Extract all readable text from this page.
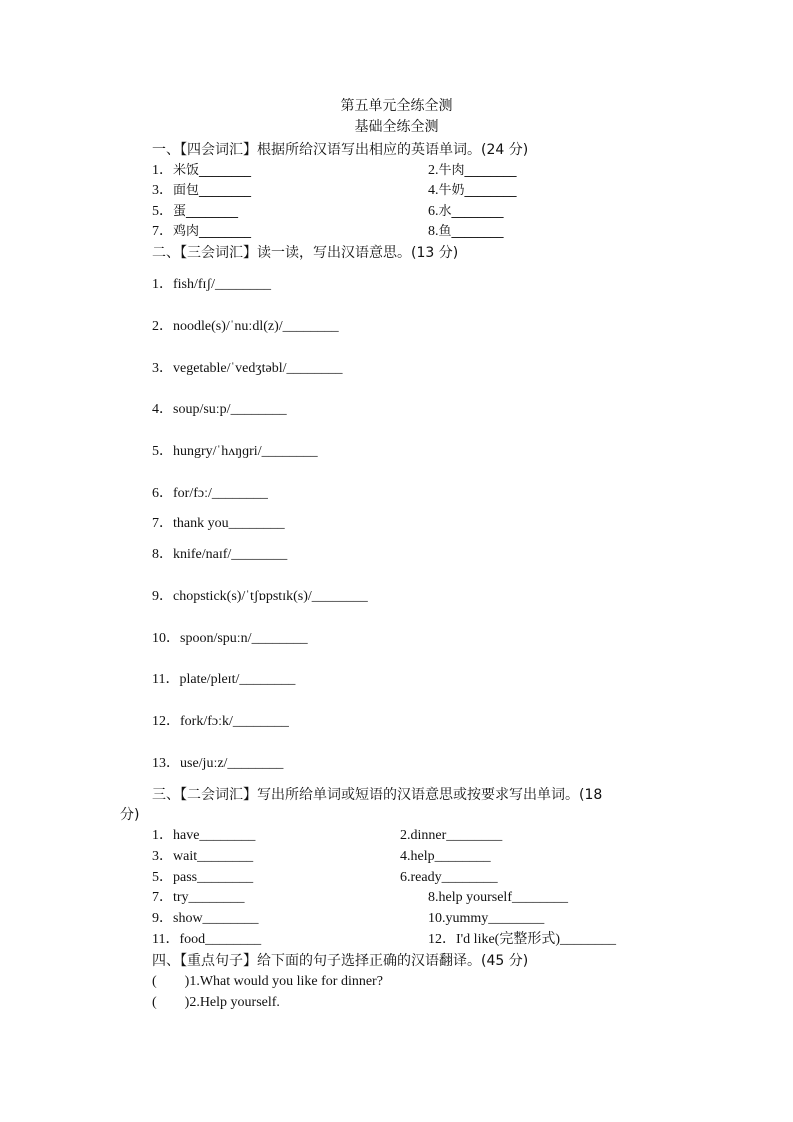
第五单元全练全测
基础全练全测
一、【四会词汇】根据所给汉语写出相应的英语单词。(24 分)
1．米饭________	2.牛肉________
3．面包________	4.牛奶________
5．蛋________	6.水________
7．鸡肉________	8.鱼________
二、【三会词汇】读一读，写出汉语意思。(13 分)
1．fish/fɪʃ/________
2．noodle(s)/ˈnuːdl(z)/________
3．vegetable/ˈvedʒtəbl/________
4．soup/suːp/________
5．hungry/ˈhʌŋɡri/________
6．for/fɔː/________
7．thank you________
8．knife/naɪf/________
9．chopstick(s)/ˈtʃɒpstɪk(s)/________
10．spoon/spuːn/________
11．plate/pleɪt/________
12．fork/fɔːk/________
13．use/juːz/________
三、【二会词汇】写出所给单词或短语的汉语意思或按要求写出单词。(18
分)
1．have________	2.dinner________
3．wait________	4.help________
5．pass________	6.ready________
7．try________	8.help yourself________
9．show________	10.yummy________
11．food________	12．I'd like(完整形式)________
四、【重点句子】给下面的句子选择正确的汉语翻译。(45 分)
(　　)1.What would you like for dinner?
(　　)2.Help yourself.
